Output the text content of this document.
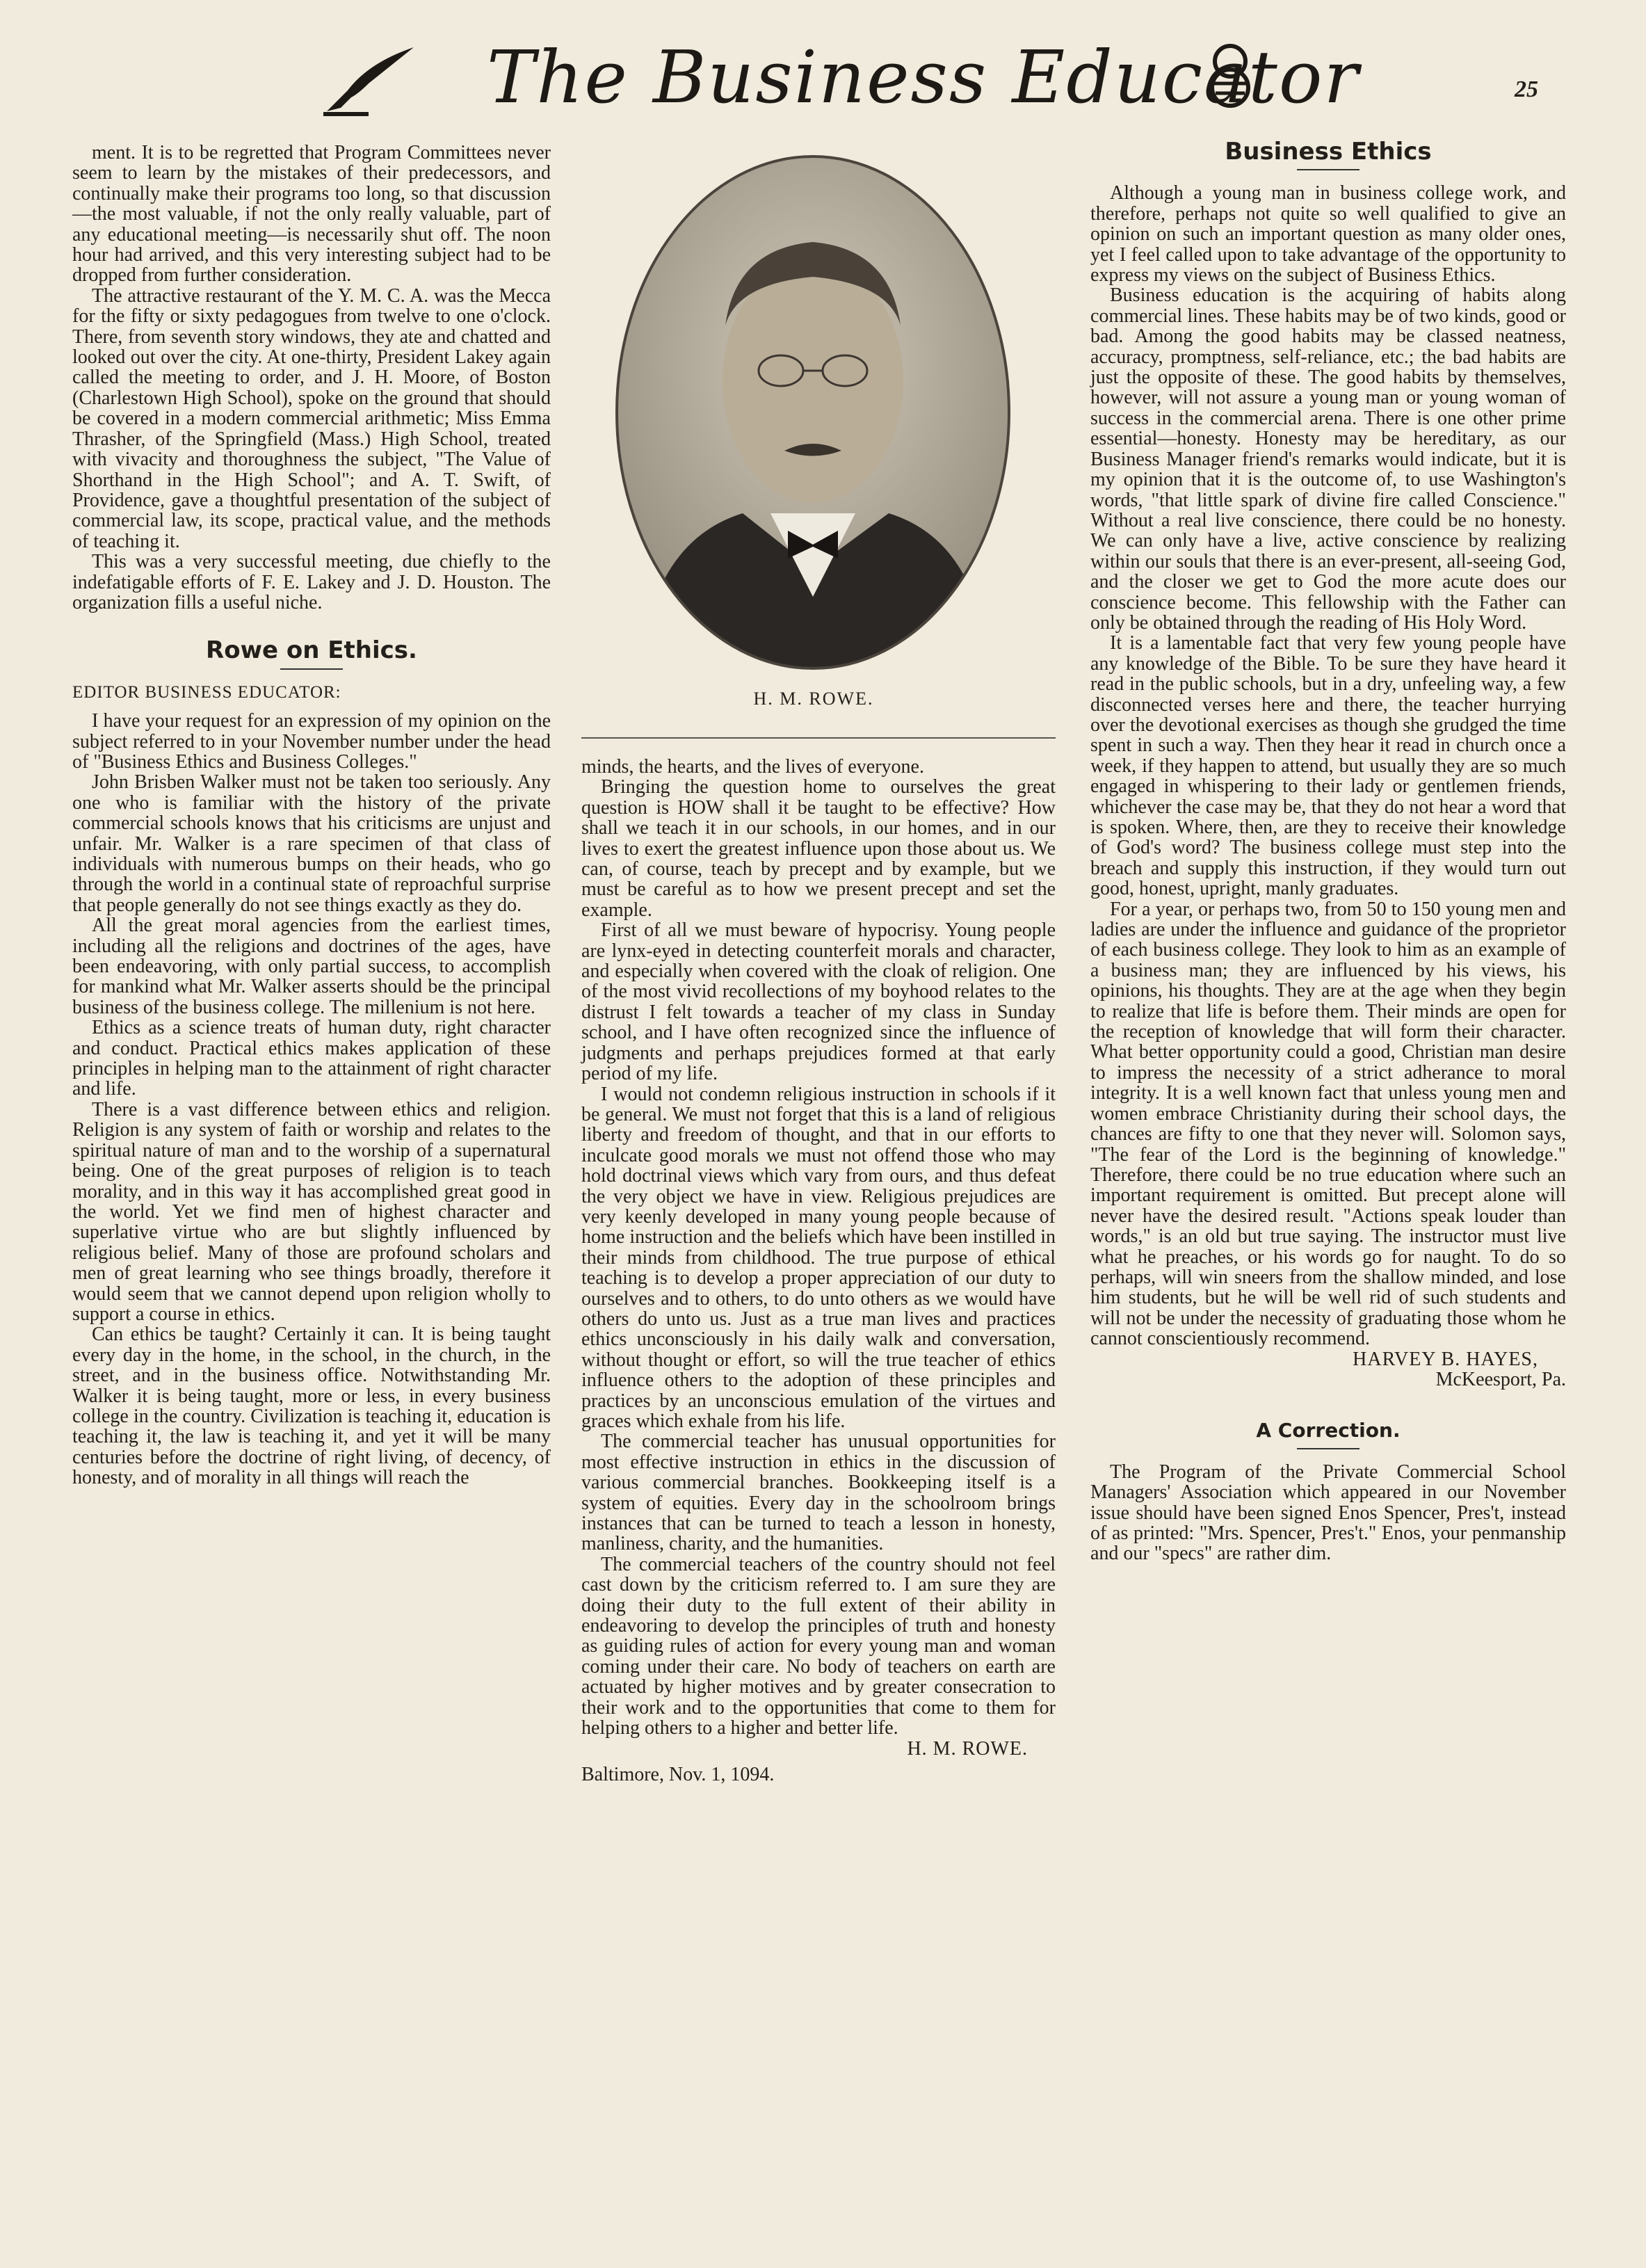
The Business Educator	25

ment. It is to be regretted that Program Committees never seem to learn by the mistakes of their predecessors, and continually make their programs too long, so that discussion—the most valuable, if not the only really valuable, part of any educational meeting—is necessarily shut off. The noon hour had arrived, and this very interesting subject had to be dropped from further consideration.

The attractive restaurant of the Y. M. C. A. was the Mecca for the fifty or sixty pedagogues from twelve to one o'clock. There, from seventh story windows, they ate and chatted and looked out over the city. At one-thirty, President Lakey again called the meeting to order, and J. H. Moore, of Boston (Charlestown High School), spoke on the ground that should be covered in a modern commercial arithmetic; Miss Emma Thrasher, of the Springfield (Mass.) High School, treated with vivacity and thoroughness the subject, "The Value of Shorthand in the High School"; and A. T. Swift, of Providence, gave a thoughtful presentation of the subject of commercial law, its scope, practical value, and the methods of teaching it.

This was a very successful meeting, due chiefly to the indefatigable efforts of F. E. Lakey and J. D. Houston. The organization fills a useful niche.

Rowe on Ethics.

EDITOR BUSINESS EDUCATOR:

I have your request for an expression of my opinion on the subject referred to in your November number under the head of "Business Ethics and Business Colleges."

John Brisben Walker must not be taken too seriously. Any one who is familiar with the history of the private commercial schools knows that his criticisms are unjust and unfair. Mr. Walker is a rare specimen of that class of individuals with numerous bumps on their heads, who go through the world in a continual state of reproachful surprise that people generally do not see things exactly as they do.

All the great moral agencies from the earliest times, including all the religions and doctrines of the ages, have been endeavoring, with only partial success, to accomplish for mankind what Mr. Walker asserts should be the principal business of the business college. The millenium is not here.

Ethics as a science treats of human duty, right character and conduct. Practical ethics makes application of these principles in helping man to the attainment of right character and life.

There is a vast difference between ethics and religion. Religion is any system of faith or worship and relates to the spiritual nature of man and to the worship of a supernatural being. One of the great purposes of religion is to teach morality, and in this way it has accomplished great good in the world. Yet we find men of highest character and superlative virtue who are but slightly influenced by religious belief. Many of those are profound scholars and men of great learning who see things broadly, therefore it would seem that we cannot depend upon religion wholly to support a course in ethics.

Can ethics be taught? Certainly it can. It is being taught every day in the home, in the school, in the church, in the street, and in the business office. Notwithstanding Mr. Walker it is being taught, more or less, in every business college in the country. Civilization is teaching it, education is teaching it, the law is teaching it, and yet it will be many centuries before the doctrine of right living, of decency, of honesty, and of morality in all things will reach the

H. M. ROWE.

minds, the hearts, and the lives of everyone.

Bringing the question home to ourselves the great question is HOW shall it be taught to be effective? How shall we teach it in our schools, in our homes, and in our lives to exert the greatest influence upon those about us. We can, of course, teach by precept and by example, but we must be careful as to how we present precept and set the example.

First of all we must beware of hypocrisy. Young people are lynx-eyed in detecting counterfeit morals and character, and especially when covered with the cloak of religion. One of the most vivid recollections of my boyhood relates to the distrust I felt towards a teacher of my class in Sunday school, and I have often recognized since the influence of judgments and perhaps prejudices formed at that early period of my life.

I would not condemn religious instruction in schools if it be general. We must not forget that this is a land of religious liberty and freedom of thought, and that in our efforts to inculcate good morals we must not offend those who may hold doctrinal views which vary from ours, and thus defeat the very object we have in view. Religious prejudices are very keenly developed in many young people because of home instruction and the beliefs which have been instilled in their minds from childhood. The true purpose of ethical teaching is to develop a proper appreciation of our duty to ourselves and to others, to do unto others as we would have others do unto us. Just as a true man lives and practices ethics unconsciously in his daily walk and conversation, without thought or effort, so will the true teacher of ethics influence others to the adoption of these principles and practices by an unconscious emulation of the virtues and graces which exhale from his life.

The commercial teacher has unusual opportunities for most effective instruction in ethics in the discussion of various commercial branches. Bookkeeping itself is a system of equities. Every day in the schoolroom brings instances that can be turned to teach a lesson in honesty, manliness, charity, and the humanities.

The commercial teachers of the country should not feel cast down by the criticism referred to. I am sure they are doing their duty to the full extent of their ability in endeavoring to develop the principles of truth and honesty as guiding rules of action for every young man and woman coming under their care. No body of teachers on earth are actuated by higher motives and by greater consecration to their work and to the opportunities that come to them for helping others to a higher and better life.

H. M. ROWE.

Baltimore, Nov. 1, 1094.

Business Ethics

Although a young man in business college work, and therefore, perhaps not quite so well qualified to give an opinion on such an important question as many older ones, yet I feel called upon to take advantage of the opportunity to express my views on the subject of Business Ethics.

Business education is the acquiring of habits along commercial lines. These habits may be of two kinds, good or bad. Among the good habits may be classed neatness, accuracy, promptness, self-reliance, etc.; the bad habits are just the opposite of these. The good habits by themselves, however, will not assure a young man or young woman of success in the commercial arena. There is one other prime essential—honesty. Honesty may be hereditary, as our Business Manager friend's remarks would indicate, but it is my opinion that it is the outcome of, to use Washington's words, "that little spark of divine fire called Conscience." Without a real live conscience, there could be no honesty. We can only have a live, active conscience by realizing within our souls that there is an ever-present, all-seeing God, and the closer we get to God the more acute does our conscience become. This fellowship with the Father can only be obtained through the reading of His Holy Word.

It is a lamentable fact that very few young people have any knowledge of the Bible. To be sure they have heard it read in the public schools, but in a dry, unfeeling way, a few disconnected verses here and there, the teacher hurrying over the devotional exercises as though she grudged the time spent in such a way. Then they hear it read in church once a week, if they happen to attend, but usually they are so much engaged in whispering to their lady or gentlemen friends, whichever the case may be, that they do not hear a word that is spoken. Where, then, are they to receive their knowledge of God's word? The business college must step into the breach and supply this instruction, if they would turn out good, honest, upright, manly graduates.

For a year, or perhaps two, from 50 to 150 young men and ladies are under the influence and guidance of the proprietor of each business college. They look to him as an example of a business man; they are influenced by his views, his opinions, his thoughts. They are at the age when they begin to realize that life is before them. Their minds are open for the reception of knowledge that will form their character. What better opportunity could a good, Christian man desire to impress the necessity of a strict adherance to moral integrity. It is a well known fact that unless young men and women embrace Christianity during their school days, the chances are fifty to one that they never will. Solomon says, "The fear of the Lord is the beginning of knowledge." Therefore, there could be no true education where such an important requirement is omitted. But precept alone will never have the desired result. "Actions speak louder than words," is an old but true saying. The instructor must live what he preaches, or his words go for naught. To do so perhaps, will win sneers from the shallow minded, and lose him students, but he will be well rid of such students and will not be under the necessity of graduating those whom he cannot conscientiously recommend.

HARVEY B. HAYES,

McKeesport, Pa.

A Correction.

The Program of the Private Commercial School Managers' Association which appeared in our November issue should have been signed Enos Spencer, Pres't, instead of as printed: "Mrs. Spencer, Pres't." Enos, your penmanship and our "specs" are rather dim.
